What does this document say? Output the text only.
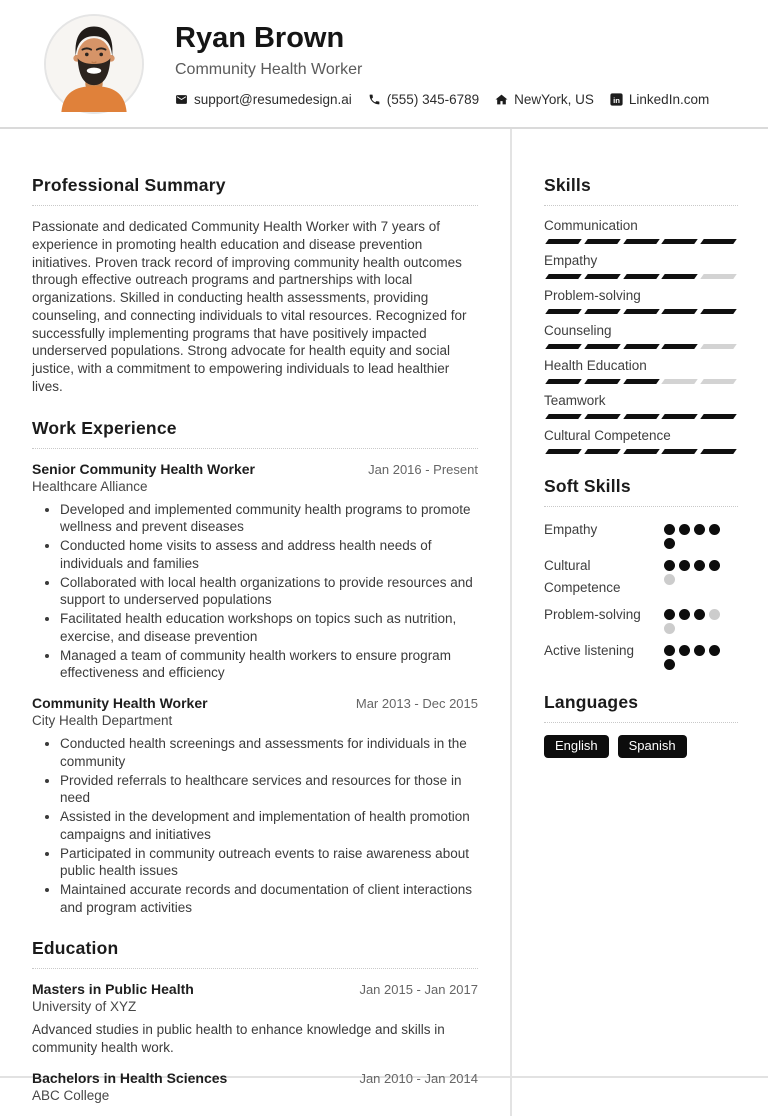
Ryan Brown
Community Health Worker
support@resumedesign.ai	(555) 345-6789	NewYork, US in LinkedIn.com
Professional Summary

Passionate and dedicated Community Health Worker with 7 years of experience in promoting health education and disease prevention initiatives. Proven track record of improving community health outcomes through effective outreach programs and partnerships with local organizations. Skilled in conducting health assessments, providing counseling, and connecting individuals to vital resources. Recognized for successfully implementing programs that have positively impacted underserved populations. Strong advocate for health equity and social justice, with a commitment to empowering individuals to lead healthier lives.

Work Experience
Senior Community Health Worker	Jan 2016 - Present
Healthcare Alliance
• Developed and implemented community health programs to promote wellness and prevent diseases
• Conducted home visits to assess and address health needs of individuals and families
• Collaborated with local health organizations to provide resources and support to underserved populations
• Facilitated health education workshops on topics such as nutrition, exercise, and disease prevention
• Managed a team of community health workers to ensure program effectiveness and efficiency
Community Health Worker	Mar 2013 - Dec 2015
City Health Department
• Conducted health screenings and assessments for individuals in the community
• Provided referrals to healthcare services and resources for those in need
• Assisted in the development and implementation of health promotion campaigns and initiatives
• Participated in community outreach events to raise awareness about public health issues
• Maintained accurate records and documentation of client interactions and program activities
Education
Masters in Public Health	Jan 2015 - Jan 2017
University of XYZ

Advanced studies in public health to enhance knowledge and skills in community health work.

Bachelors in Health Sciences	Jan 2010 - Jan 2014
ABC College
Skills
Communication
Empathy
Problem-solving
Counseling
Health Education
Teamwork
Cultural Competence
Soft Skills
Empathy
Cultural Competence
Problem-solving
Active listening
Languages
English	Spanish
